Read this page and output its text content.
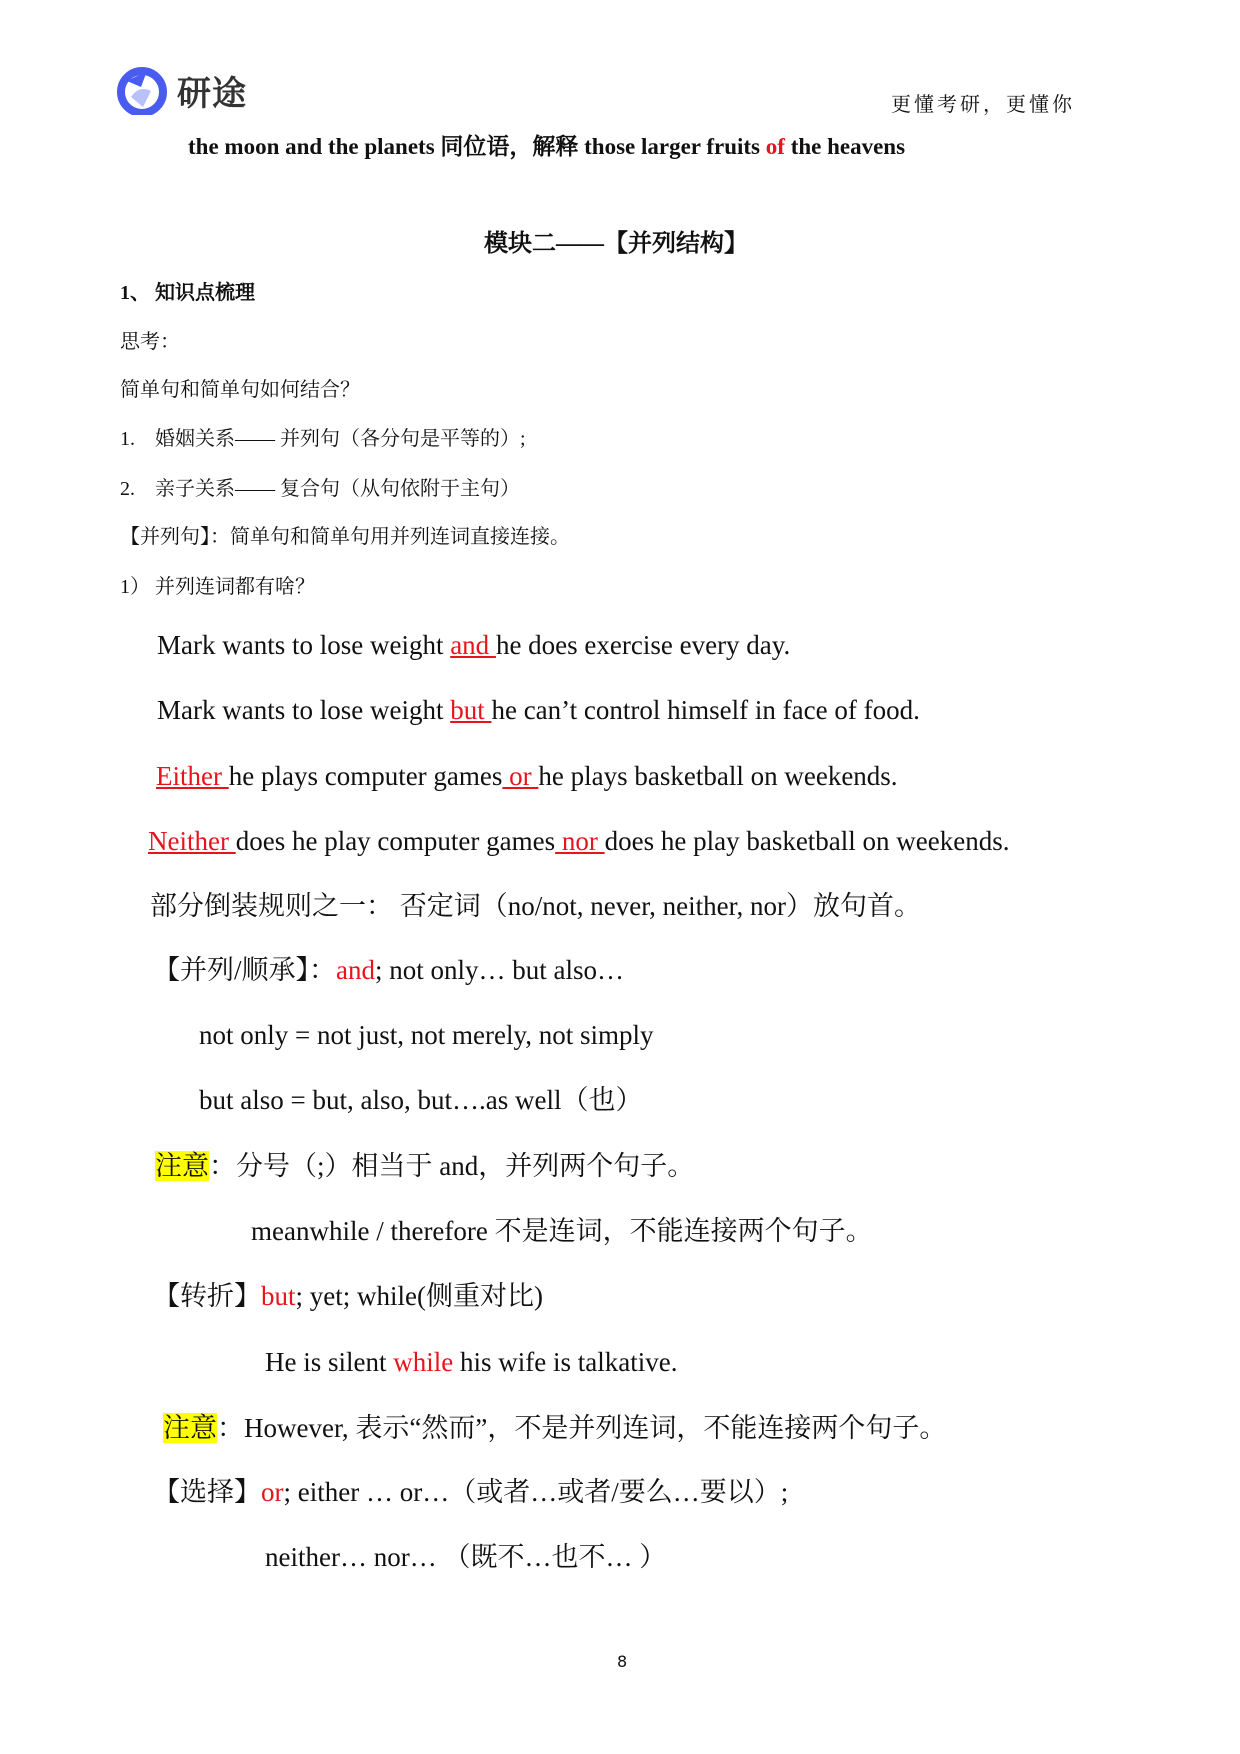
研途	更懂考研，更懂你
the moon and the planets 同位语，解释 those larger fruits of the heavens
模块二——【并列结构】
1、 知识点梳理
思考：
简单句和简单句如何结合？
1. 婚姻关系—— 并列句（各分句是平等的）;
2. 亲子关系—— 复合句（从句依附于主句）
【并列句】：简单句和简单句用并列连词直接连接。
1） 并列连词都有啥？
Mark wants to lose weight and he does exercise every day.
Mark wants to lose weight but he can’t control himself in face of food.
Either he plays computer games or he plays basketball on weekends.
Neither does he play computer games nor does he play basketball on weekends.
部分倒装规则之一： 否定词（no/not, never, neither, nor）放句首。
【并列/顺承】：and; not only… but also…
not only = not just, not merely, not simply
but also = but, also, but….as well（也）
注意：分号（;）相当于 and，并列两个句子。
meanwhile / therefore 不是连词，不能连接两个句子。
【转折】but; yet; while(侧重对比)
He is silent while his wife is talkative.
注意：However, 表示“然而”，不是并列连词，不能连接两个句子。
【选择】or; either … or…（或者…或者/要么…要以）;
neither… nor… （既不…也不… ）
8
